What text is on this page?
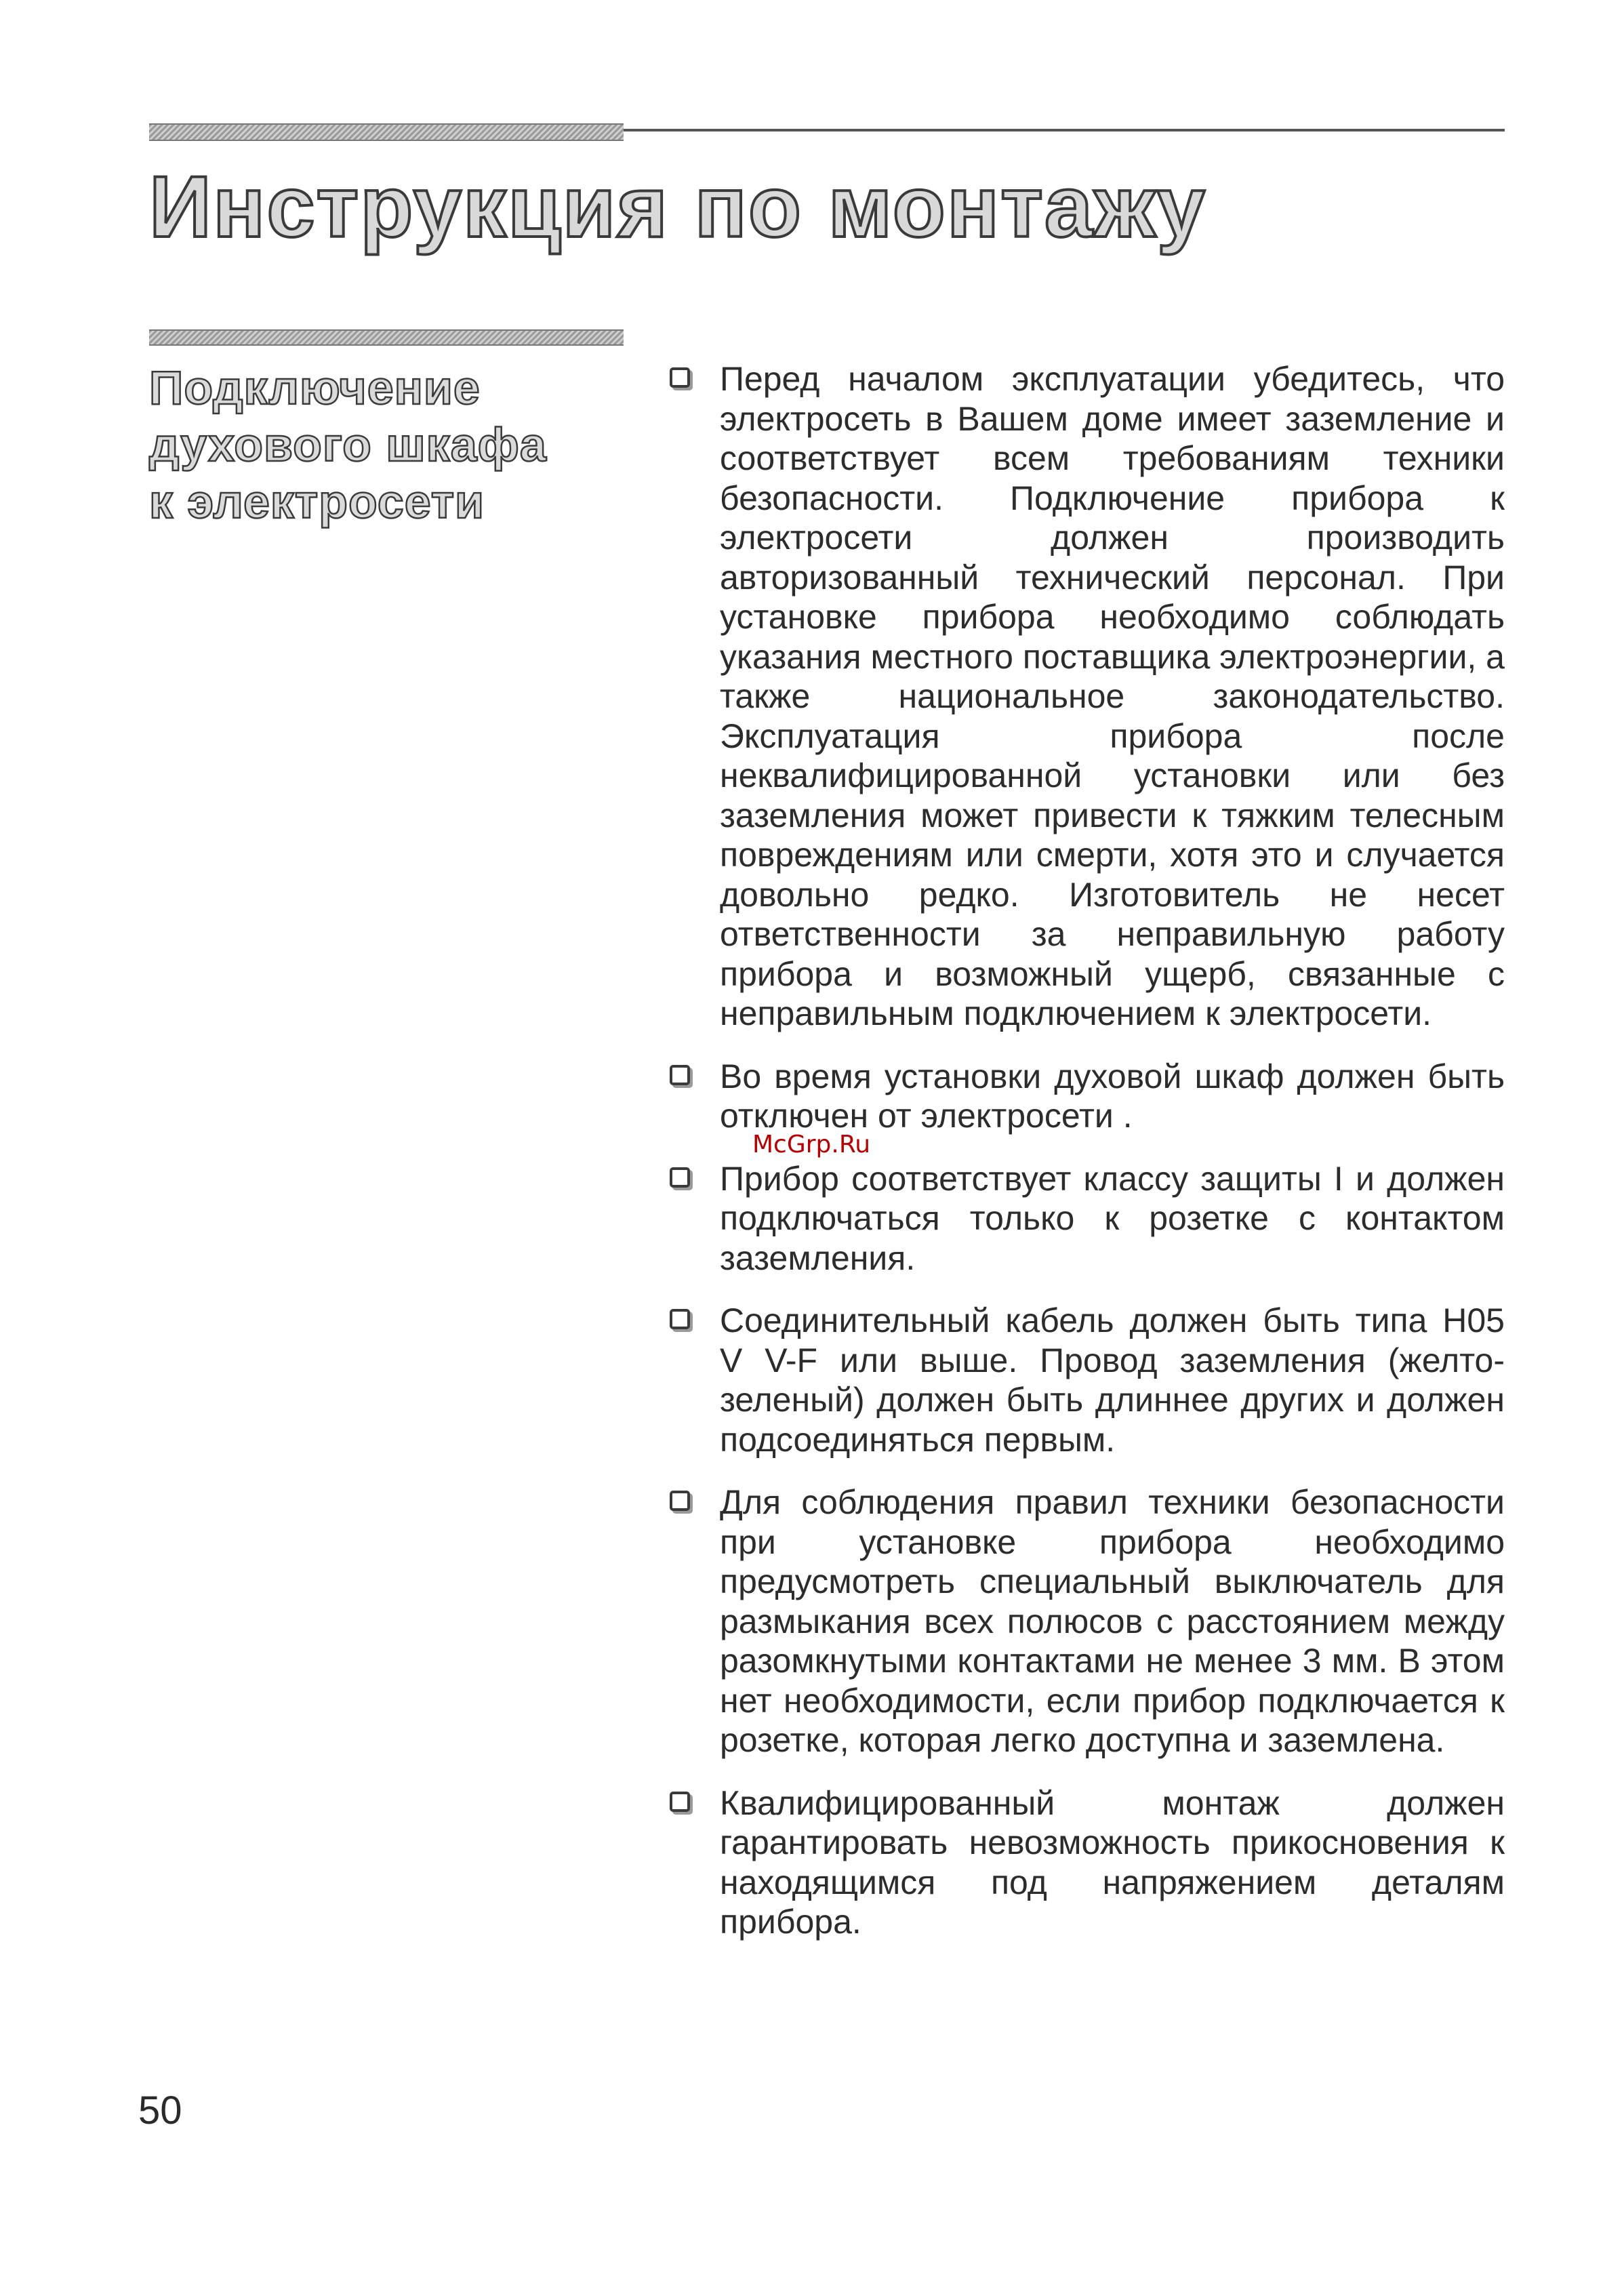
Инструкция по монтажу
Подключение
духового шкафа
к электросети
Перед началом эксплуатации убедитесь, что электросеть в Вашем доме имеет заземление и соответствует всем требованиям техники безопасности. Подключение прибора к электросети должен производить авторизованный технический персонал. При установке прибора необходимо соблюдать указания местного поставщика электроэнергии, а также национальное законодательство. Эксплуатация прибора после неквалифицированной установки или без заземления может привести к тяжким телесным повреждениям или смерти, хотя это и случается довольно редко. Изготовитель не несет ответственности за неправильную работу прибора и возможный ущерб, связанные с неправильным подключением к электросети.
Во время установки духовой шкаф должен быть отключен от электросети .
Прибор соответствует классу защиты I и должен подключаться только к розетке с контактом заземления.
Соединительный кабель должен быть типа H05 V V-F или выше. Провод заземления (желто-зеленый) должен быть длиннее других и должен подсоединяться первым.
Для соблюдения правил техники безопасности при установке прибора необходимо предусмотреть специальный выключатель для размыкания всех полюсов с расстоянием между разомкнутыми контактами не менее 3 мм. В этом нет необходимости, если прибор подключается к розетке, которая легко доступна и заземлена.
Квалифицированный монтаж должен гарантировать невозможность прикосновения к находящимся под напряжением деталям прибора.
McGrp.Ru
50
